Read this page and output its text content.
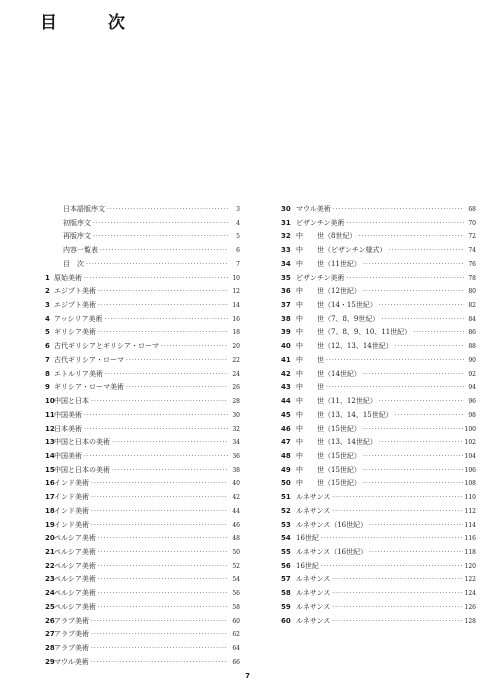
目　次
日本語版序文 ·····	3
初版序文 ·····	4
再版序文 ·····	5
内容一覧表 ·····	6
目　次 ·····	7
1 原始美術 ·····	10
2 エジプト美術 ·····	12
3 エジプト美術 ·····	14
4 アッシリア美術 ·····	16
5 ギリシア美術 ·····	18
6 古代ギリシアとギリシア・ローマ ·····	20
7 古代ギリシア・ローマ ·····	22
8 エトルリア美術 ·····	24
9 ギリシア・ローマ美術 ·····	26
10 中国と日本 ·····	28
11 中国美術 ·····	30
12 日本美術 ·····	32
13 中国と日本の美術 ·····	34
14 中国美術 ·····	36
15 中国と日本の美術 ·····	38
16 インド美術 ·····	40
17 インド美術 ·····	42
18 インド美術 ·····	44
19 インド美術 ·····	46
20 ペルシア美術 ·····	48
21 ペルシア美術 ·····	50
22 ペルシア美術 ·····	52
23 ペルシア美術 ·····	54
24 ペルシア美術 ·····	56
25 ペルシア美術 ·····	58
26 アラブ美術 ·····	60
27 アラブ美術 ·····	62
28 アラブ美術 ·····	64
29 マウル美術 ·····	66
30 マウル美術 ·····	68
31 ビザンチン美術 ·····	70
32 中　　世（8世紀） ·····	72
33 中　　世（ビザンチン様式） ·····	74
34 中　　世（11世紀） ·····	76
35 ビザンチン美術 ·····	78
36 中　　世（12世紀） ·····	80
37 中　　世（14・15世紀） ·····	82
38 中　　世（7、8、9世紀） ·····	84
39 中　　世（7、8、9、10、11世紀） ·····	86
40 中　　世（12、13、14世紀） ·····	88
41 中　　世 ·····	90
42 中　　世（14世紀） ·····	92
43 中　　世 ·····	94
44 中　　世（11、12世紀） ·····	96
45 中　　世（13、14、15世紀） ·····	98
46 中　　世（15世紀） ·····	100
47 中　　世（13、14世紀） ·····	102
48 中　　世（15世紀） ·····	104
49 中　　世（15世紀） ·····	106
50 中　　世（15世紀） ·····	108
51 ルネサンス ·····	110
52 ルネサンス ·····	112
53 ルネサンス（16世紀） ·····	114
54 16世紀 ·····	116
55 ルネサンス（16世紀） ·····	118
56 16世紀 ·····	120
57 ルネサンス ·····	122
58 ルネサンス ·····	124
59 ルネサンス ·····	126
60 ルネサンス ·····	128
7
